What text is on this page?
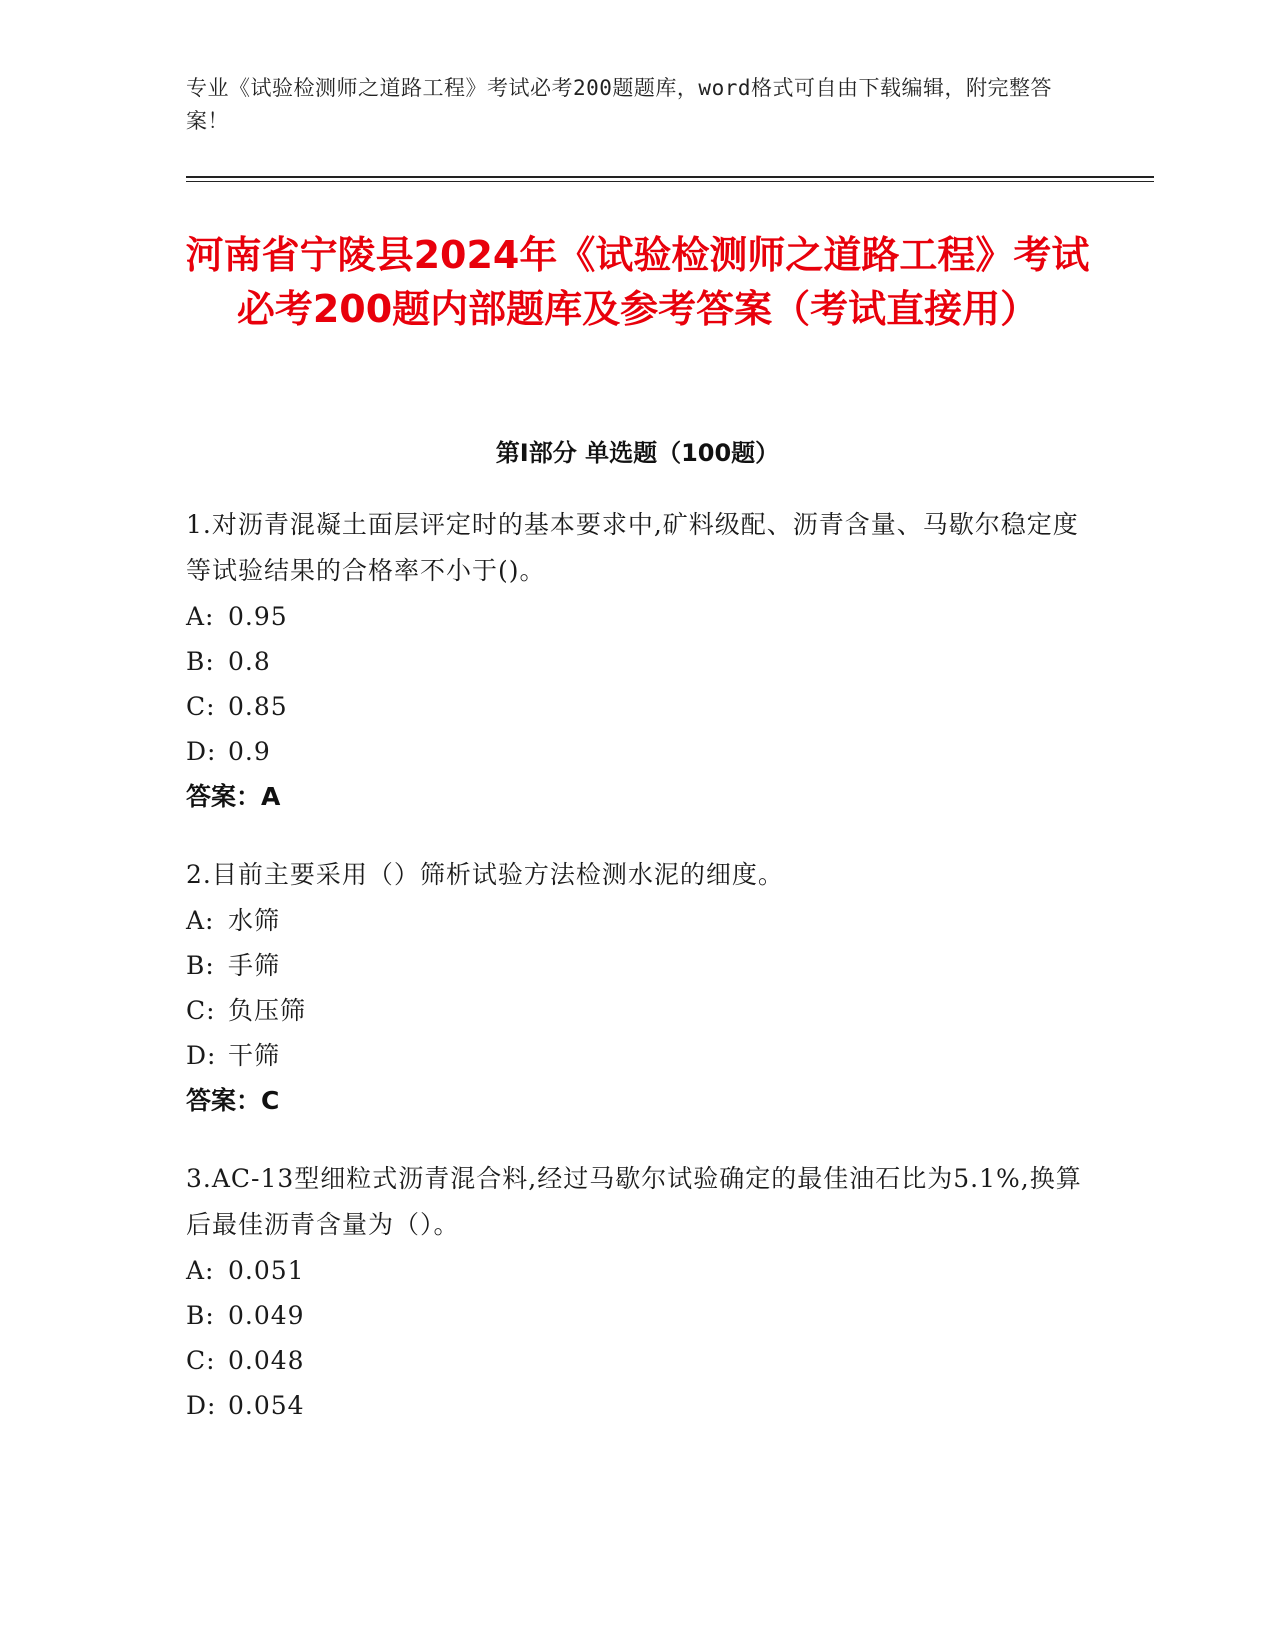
专业《试验检测师之道路工程》考试必考200题题库，word格式可自由下载编辑，附完整答案！
河南省宁陵县2024年《试验检测师之道路工程》考试必考200题内部题库及参考答案（考试直接用）
第Ⅰ部分 单选题（100题）
1.对沥青混凝土面层评定时的基本要求中,矿料级配、沥青含量、马歇尔稳定度等试验结果的合格率不小于()。
A: 0.95
B: 0.8
C: 0.85
D: 0.9
答案：A
2.目前主要采用（）筛析试验方法检测水泥的细度。
A: 水筛
B: 手筛
C: 负压筛
D: 干筛
答案：C
3.AC-13型细粒式沥青混合料,经过马歇尔试验确定的最佳油石比为5.1%,换算后最佳沥青含量为（）。
A: 0.051
B: 0.049
C: 0.048
D: 0.054
